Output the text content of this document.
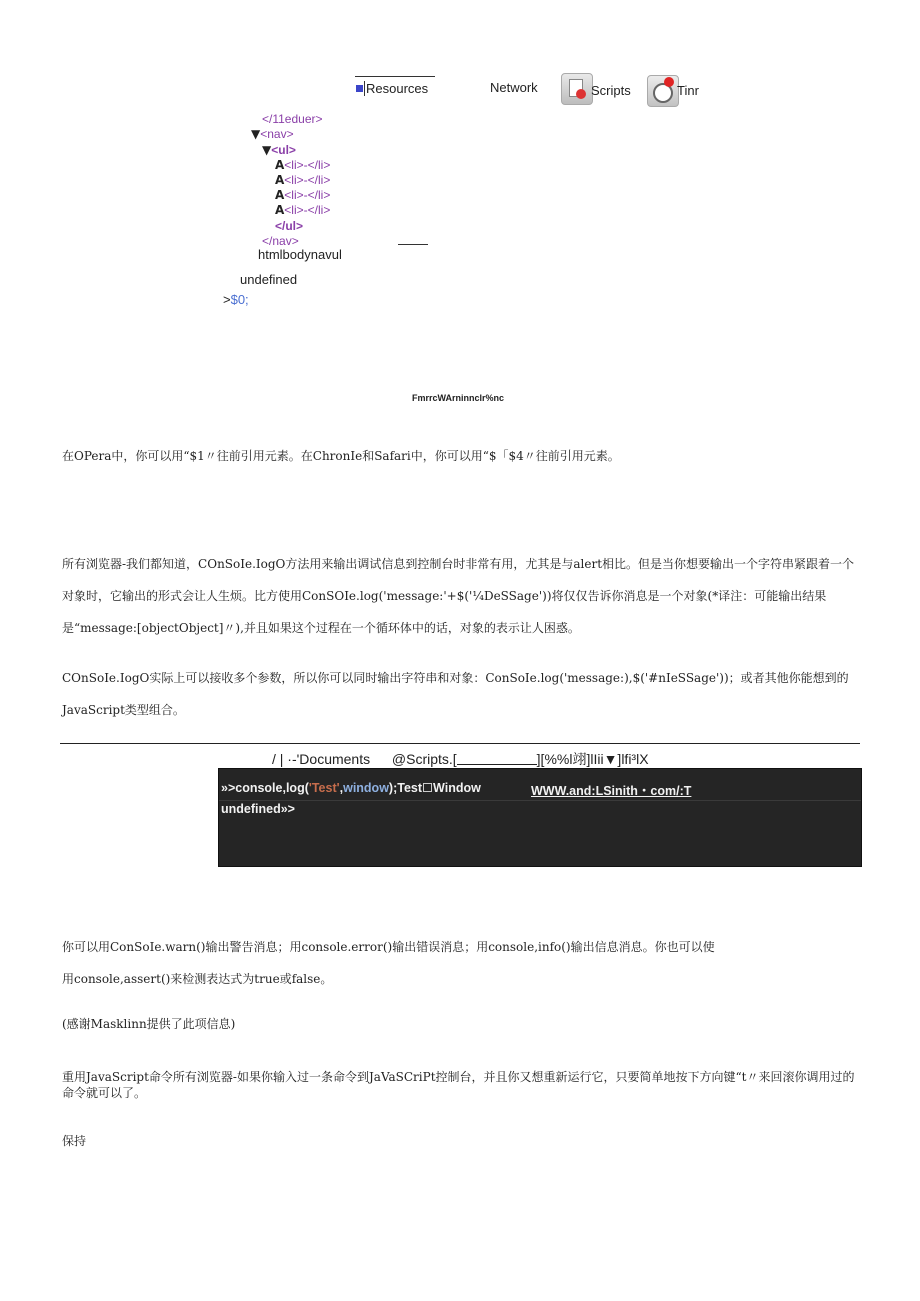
Resources	Network	Scripts	Tinr
</11eduer>
▼<nav>
▼<ul>
A<li>-</li>
A<li>-</li>
A<li>-</li>
A<li>-</li>
</ul>
</nav>
htmlbodynavul
undefined
>$0;
FmrrcWArninnclr%nc

在OPera中，你可以用“$1〃往前引用元素。在ChronIe和Safari中，你可以用“$「$4〃往前引用元素。

所有浏览器-我们都知道，COnSoIe.IogO方法用来输出调试信息到控制台时非常有用，尤其是与alert相比。但是当你想要输出一个字符串紧跟着一个对象时，它输出的形式会让人生烦。比方使用ConSOIe.log('message:'+$('¼DeSSage'))将仅仅告诉你消息是一个对象(*译注：可能输出结果是“message:[objectObject]〃),并且如果这个过程在一个循环体中的话，对象的表示让人困惑。

COnSoIe.IogO实际上可以接收多个参数，所以你可以同时输出字符串和对象：ConSoIe.log('message:),$('#nIeSSage'))；或者其他你能想到的JavaScript类型组合。

/ | ·-'Documents @Scripts.[	][%%l翊]lIii▼]lfi³lX
»>console,log('Test',window);Test Window	WWW.and:LSinith・com/:T
undefined»>

你可以用ConSoIe.warn()输出警告消息；用console.error()输出错误消息；用console,info()输出信息消息。你也可以使用console,assert()来检测表达式为true或false。

(感谢Masklinn提供了此项信息)

重用JavaScript命令所有浏览器-如果你输入过一条命令到JaVaSCriPt控制台，并且你又想重新运行它，只要简单地按下方向键“t〃来回滚你调用过的命令就可以了。

保持
